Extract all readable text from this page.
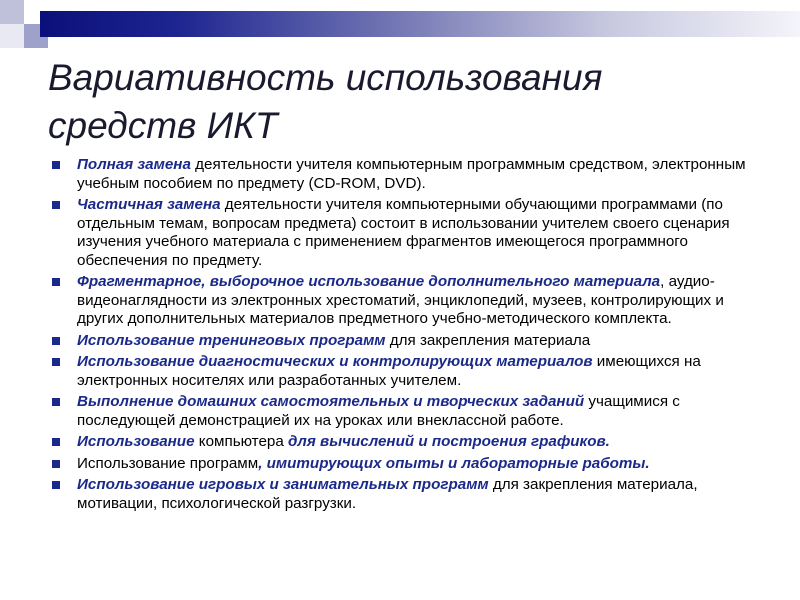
Вариативность использования
средств ИКТ
Полная замена деятельности учителя компьютерным программным средством, электронным учебным пособием по предмету (CD-ROM, DVD).
Частичная замена деятельности учителя компьютерными обучающими программами (по отдельным темам, вопросам предмета) состоит в использовании учителем своего сценария изучения учебного материала с применением фрагментов имеющегося программного обеспечения по предмету.
Фрагментарное, выборочное использование дополнительного материала, аудио-видеонаглядности из электронных хрестоматий, энциклопедий, музеев, контролирующих и других дополнительных материалов предметного учебно-методического комплекта.
Использование тренинговых программ для закрепления материала
Использование диагностических и контролирующих материалов имеющихся на электронных носителях или разработанных учителем.
Выполнение домашних самостоятельных и творческих заданий учащимися с последующей демонстрацией их на уроках или внеклассной работе.
Использование компьютера для вычислений и построения графиков.
Использование программ, имитирующих опыты и лабораторные работы.
Использование игровых и занимательных программ для закрепления материала, мотивации, психологической разгрузки.
